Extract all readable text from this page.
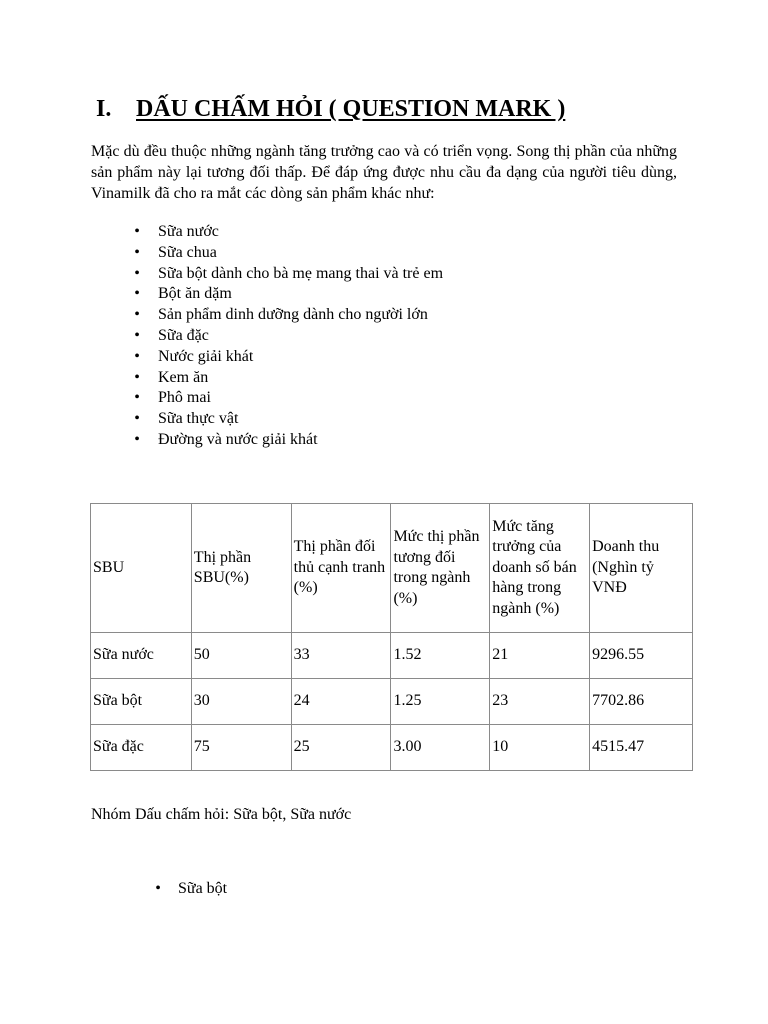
I. DẤU CHẤM HỎI ( QUESTION MARK )

Mặc dù đều thuộc những ngành tăng trưởng cao và có triển vọng. Song thị phần của những sản phẩm này lại tương đối thấp. Để đáp ứng được nhu cầu đa dạng của người tiêu dùng, Vinamilk đã cho ra mắt các dòng sản phẩm khác như:

• Sữa nước
• Sữa chua
• Sữa bột dành cho bà mẹ mang thai và trẻ em
• Bột ăn dặm
• Sản phẩm dinh dưỡng dành cho người lớn
• Sữa đặc
• Nước giải khát
• Kem ăn
• Phô mai
• Sữa thực vật
• Đường và nước giải khát
SBU	Thị phần SBU(%)	Thị phần đối thủ cạnh tranh (%)	Mức thị phần tương đối trong ngành (%)	Mức tăng trưởng của doanh số bán hàng trong ngành (%)	Doanh thu (Nghìn tỷ VNĐ
Sữa nước	50	33	1.52	21	9296.55
Sữa bột	30	24	1.25	23	7702.86
Sữa đặc	75	25	3.00	10	4515.47
Nhóm Dấu chấm hỏi: Sữa bột, Sữa nước
• Sữa bột
